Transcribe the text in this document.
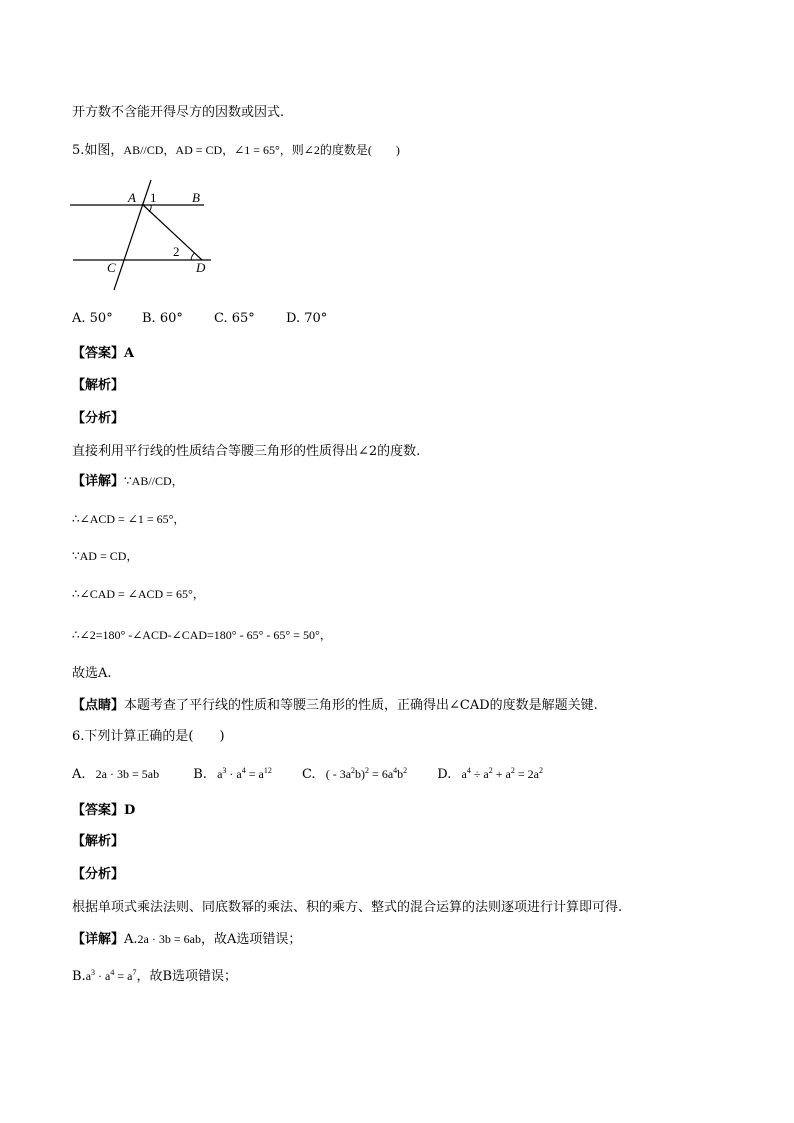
开方数不含能开得尽方的因数或因式.
5.如图，AB//CD，AD = CD，∠1 = 65°，则∠2的度数是(　　)
A 1	B
2
C	D
A. 50° B. 60° C. 65° D. 70°
【答案】A
【解析】
【分析】
直接利用平行线的性质结合等腰三角形的性质得出∠2的度数.
【详解】∵AB//CD，
∴∠ACD = ∠1 = 65°，
∵AD = CD，
∴∠CAD = ∠ACD = 65°，
∴∠2=180° -∠ACD-∠CAD=180° - 65° - 65° = 50°，
故选A.
【点睛】本题考查了平行线的性质和等腰三角形的性质，正确得出∠CAD的度数是解题关键.
6.下列计算正确的是(　　)
A. 2a · 3b = 5ab	B. $a^3 \cdot a^4 = a^{12}$ C. ( - $3a^2b)^2 = 6a^4b^2$ D. $a^4 \div a^2 + a^2 = 2a^2$
【答案】D
【解析】
【分析】
根据单项式乘法法则、同底数幂的乘法、积的乘方、整式的混合运算的法则逐项进行计算即可得.
【详解】A.2a · 3b = 6ab，故A选项错误；
$B.a^3 \cdot a^4 = a^7$，故B选项错误；
